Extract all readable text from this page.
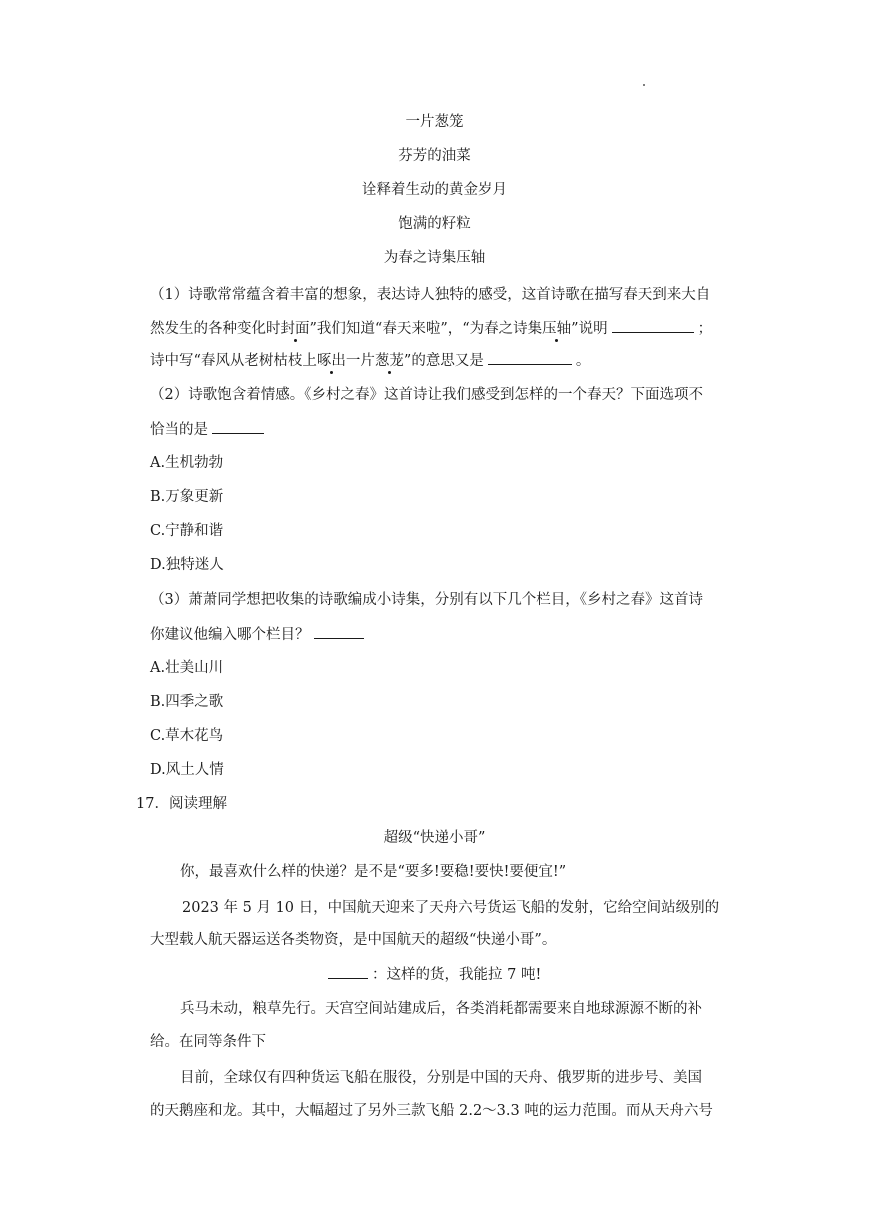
一片葱笼
芬芳的油菜
诠释着生动的黄金岁月
饱满的籽粒
为春之诗集压轴
（1）诗歌常常蕴含着丰富的想象，表达诗人独特的感受，这首诗歌在描写春天到来大自
然发生的各种变化时封面”我们知道“春天来啦”，“为春之诗集压轴”说明	；
诗中写“春风从老树枯枝上啄出一片葱茏”的意思又是	。
（2）诗歌饱含着情感。《乡村之春》这首诗让我们感受到怎样的一个春天？下面选项不
恰当的是
A.生机勃勃
B.万象更新
C.宁静和谐
D.独特迷人
（3）萧萧同学想把收集的诗歌编成小诗集，分别有以下几个栏目，《乡村之春》这首诗
你建议他编入哪个栏目？
A.壮美山川
B.四季之歌
C.草木花鸟
D.风土人情
17．阅读理解
超级“快递小哥”
你，最喜欢什么样的快递？是不是“要多!要稳!要快!要便宜!”
2023 年 5 月 10 日，中国航天迎来了天舟六号货运飞船的发射，它给空间站级别的
大型载人航天器运送各类物资，是中国航天的超级“快递小哥”。
：这样的货，我能拉 7 吨!
兵马未动，粮草先行。天宫空间站建成后，各类消耗都需要来自地球源源不断的补
给。在同等条件下
目前，全球仅有四种货运飞船在服役，分别是中国的天舟、俄罗斯的进步号、美国
的天鹅座和龙。其中，大幅超过了另外三款飞船 2.2～3.3 吨的运力范围。而从天舟六号
